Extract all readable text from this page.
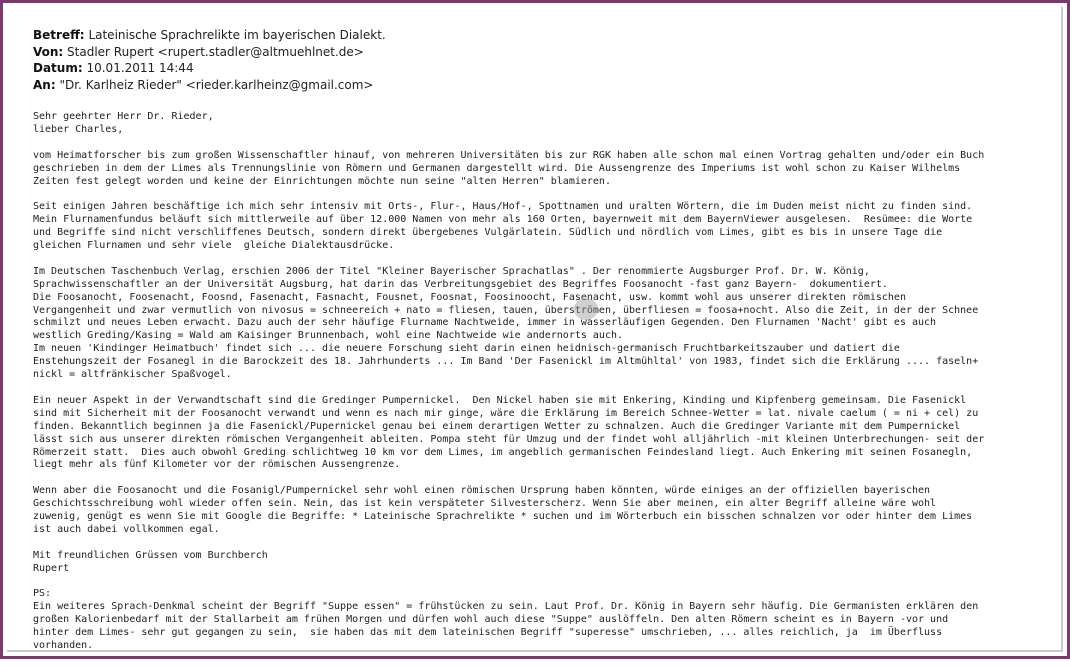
Betreff: Lateinische Sprachrelikte im bayerischen Dialekt.
Von: Stadler Rupert <rupert.stadler@altmuehlnet.de>
Datum: 10.01.2011 14:44
An: "Dr. Karlheiz Rieder" <rieder.karlheinz@gmail.com>
Sehr geehrter Herr Dr. Rieder,
lieber Charles,
vom Heimatforscher bis zum großen Wissenschaftler hinauf, von mehreren Universitäten bis zur RGK haben alle schon mal einen Vortrag gehalten und/oder ein Buch
geschrieben in dem der Limes als Trennungslinie von Römern und Germanen dargestellt wird. Die Aussengrenze des Imperiums ist wohl schon zu Kaiser Wilhelms
Zeiten fest gelegt worden und keine der Einrichtungen möchte nun seine "alten Herren" blamieren.
Seit einigen Jahren beschäftige ich mich sehr intensiv mit Orts-, Flur-, Haus/Hof-, Spottnamen und uralten Wörtern, die im Duden meist nicht zu finden sind.
Mein Flurnamenfundus beläuft sich mittlerweile auf über 12.000 Namen von mehr als 160 Orten, bayernweit mit dem BayernViewer ausgelesen.  Resümee: die Worte
und Begriffe sind nicht verschliffenes Deutsch, sondern direkt übergebenes Vulgärlatein. Südlich und nördlich vom Limes, gibt es bis in unsere Tage die
gleichen Flurnamen und sehr viele  gleiche Dialektausdrücke.
Im Deutschen Taschenbuch Verlag, erschien 2006 der Titel "Kleiner Bayerischer Sprachatlas" . Der renommierte Augsburger Prof. Dr. W. König,
Sprachwissenschaftler an der Universität Augsburg, hat darin das Verbreitungsgebiet des Begriffes Foosanocht -fast ganz Bayern-  dokumentiert.
Die Foosanocht, Foosenacht, Foosnd, Fasenacht, Fasnacht, Fousnet, Foosnat, Foosinoocht, Fasenacht, usw. kommt wohl aus unserer direkten römischen
Vergangenheit und zwar vermutlich von nivosus = schneereich + nato = fliesen, tauen, überströmen, überfliesen = foosa+nocht. Also die Zeit, in der der Schnee
schmilzt und neues Leben erwacht. Dazu auch der sehr häufige Flurname Nachtweide, immer in wasserläufigen Gegenden. Den Flurnamen 'Nacht' gibt es auch
westlich Greding/Kasing = Wald am Kaisinger Brunnenbach, wohl eine Nachtweide wie andernorts auch.
Im neuen 'Kindinger Heimatbuch' findet sich ... die neuere Forschung sieht darin einen heidnisch-germanisch Fruchtbarkeitszauber und datiert die
Enstehungszeit der Fosanegl in die Barockzeit des 18. Jahrhunderts ... Im Band 'Der Fasenickl im Altmühltal' von 1983, findet sich die Erklärung .... faseln+
nickl = altfränkischer Spaßvogel.
Ein neuer Aspekt in der Verwandtschaft sind die Gredinger Pumpernickel.  Den Nickel haben sie mit Enkering, Kinding und Kipfenberg gemeinsam. Die Fasenickl
sind mit Sicherheit mit der Foosanocht verwandt und wenn es nach mir ginge, wäre die Erklärung im Bereich Schnee-Wetter = lat. nivale caelum ( = ni + cel) zu
finden. Bekanntlich beginnen ja die Fasenickl/Pupernickel genau bei einem derartigen Wetter zu schnalzen. Auch die Gredinger Variante mit dem Pumpernickel
lässt sich aus unserer direkten römischen Vergangenheit ableiten. Pompa steht für Umzug und der findet wohl alljährlich -mit kleinen Unterbrechungen- seit der
Römerzeit statt.  Dies auch obwohl Greding schlichtweg 10 km vor dem Limes, im angeblich germanischen Feindesland liegt. Auch Enkering mit seinen Fosanegln,
liegt mehr als fünf Kilometer vor der römischen Aussengrenze.
Wenn aber die Foosanocht und die Fosanigl/Pumpernickel sehr wohl einen römischen Ursprung haben könnten, würde einiges an der offiziellen bayerischen
Geschichtsschreibung wohl wieder offen sein. Nein, das ist kein verspäteter Silvesterscherz. Wenn Sie aber meinen, ein alter Begriff alleine wäre wohl
zuwenig, genügt es wenn Sie mit Google die Begriffe: * Lateinische Sprachrelikte * suchen und im Wörterbuch ein bisschen schnalzen vor oder hinter dem Limes
ist auch dabei vollkommen egal.
Mit freundlichen Grüssen vom Burchberch
Rupert
PS:
Ein weiteres Sprach-Denkmal scheint der Begriff "Suppe essen" = frühstücken zu sein. Laut Prof. Dr. König in Bayern sehr häufig. Die Germanisten erklären den
großen Kalorienbedarf mit der Stallarbeit am frühen Morgen und dürfen wohl auch diese "Suppe" auslöffeln. Den alten Römern scheint es in Bayern -vor und
hinter dem Limes- sehr gut gegangen zu sein,  sie haben das mit dem lateinischen Begriff "superesse" umschrieben, ... alles reichlich, ja  im Überfluss
vorhanden.
